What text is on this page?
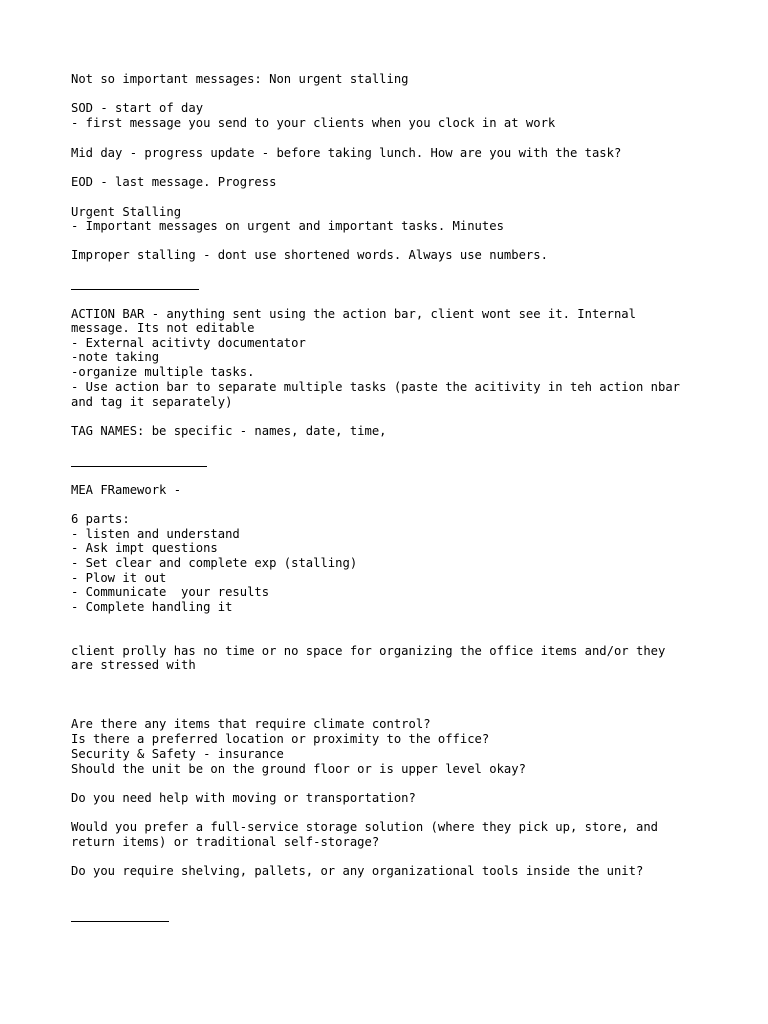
Not so important messages: Non urgent stalling
SOD - start of day
- first message you send to your clients when you clock in at work
Mid day - progress update - before taking lunch. How are you with the task?
EOD - last message. Progress
Urgent Stalling
- Important messages on urgent and important tasks. Minutes
Improper stalling - dont use shortened words. Always use numbers.
ACTION BAR - anything sent using the action bar, client wont see it. Internal
message. Its not editable
- External acitivty documentator
-note taking
-organize multiple tasks.
- Use action bar to separate multiple tasks (paste the acitivity in teh action nbar
and tag it separately)
TAG NAMES: be specific - names, date, time,
MEA FRamework -
6 parts:
- listen and understand
- Ask impt questions
- Set clear and complete exp (stalling)
- Plow it out
- Communicate  your results
- Complete handling it
client prolly has no time or no space for organizing the office items and/or they
are stressed with
Are there any items that require climate control?
Is there a preferred location or proximity to the office?
Security & Safety - insurance
Should the unit be on the ground floor or is upper level okay?
Do you need help with moving or transportation?
Would you prefer a full-service storage solution (where they pick up, store, and
return items) or traditional self-storage?
Do you require shelving, pallets, or any organizational tools inside the unit?
